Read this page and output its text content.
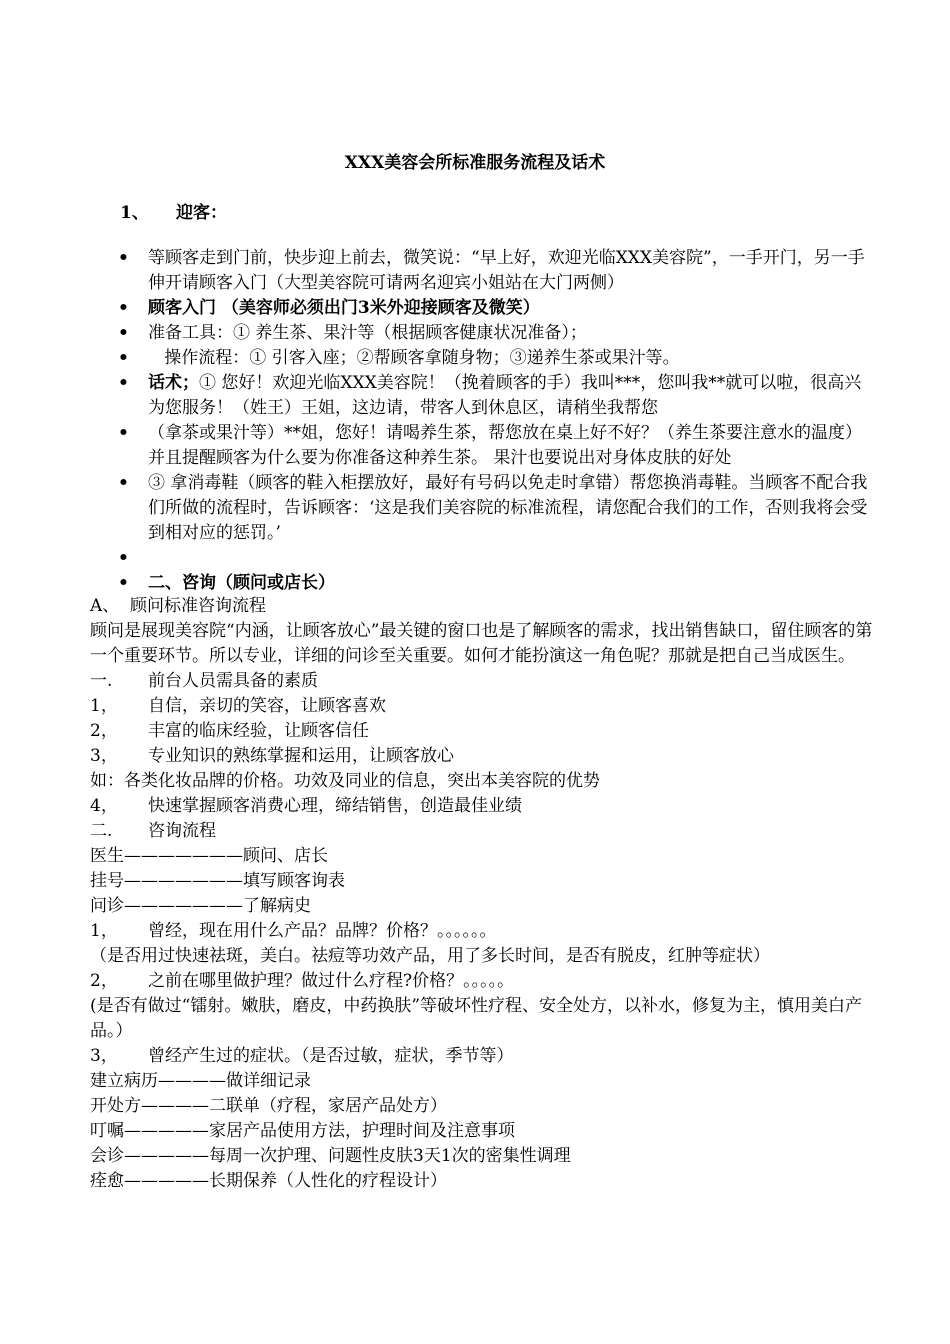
XXX美容会所标准服务流程及话术
1、 迎客：
• 等顾客走到门前，快步迎上前去，微笑说：“早上好，欢迎光临XXX美容院”，一手开门，另一手伸开请顾客入门（大型美容院可请两名迎宾小姐站在大门两侧）
• 顾客入门 （美容师必须出门3米外迎接顾客及微笑）
• 准备工具：① 养生茶、果汁等（根据顾客健康状况准备）；
• 操作流程：① 引客入座；②帮顾客拿随身物；③递养生茶或果汁等。
• 话术；① 您好！欢迎光临XXX美容院！（挽着顾客的手）我叫***，您叫我**就可以啦，很高兴为您服务！（姓王）王姐，这边请，带客人到休息区，请稍坐我帮您
• （拿茶或果汁等）**姐，您好！请喝养生茶，帮您放在桌上好不好？（养生茶要注意水的温度）并且提醒顾客为什么要为你准备这种养生茶。 果汁也要说出对身体皮肤的好处
• ③ 拿消毒鞋（顾客的鞋入柜摆放好，最好有号码以免走时拿错）帮您换消毒鞋。当顾客不配合我们所做的流程时，告诉顾客：‘这是我们美容院的标准流程，请您配合我们的工作，否则我将会受到相对应的惩罚。’
•
• 二、咨询（顾问或店长）
A、 顾问标准咨询流程
顾问是展现美容院“内涵，让顾客放心”最关键的窗口也是了解顾客的需求，找出销售缺口，留住顾客的第一个重要环节。所以专业，详细的问诊至关重要。如何才能扮演这一角色呢？那就是把自己当成医生。
一. 前台人员需具备的素质
1， 自信，亲切的笑容，让顾客喜欢
2， 丰富的临床经验，让顾客信任
3， 专业知识的熟练掌握和运用，让顾客放心
如：各类化妆品牌的价格。功效及同业的信息，突出本美容院的优势
4， 快速掌握顾客消费心理，缔结销售，创造最佳业绩
二. 咨询流程
医生———————顾问、店长
挂号———————填写顾客询表
问诊———————了解病史
1， 曾经，现在用什么产品？品牌？价格？。。。。。。
（是否用过快速祛斑，美白。祛痘等功效产品，用了多长时间，是否有脱皮，红肿等症状）
2， 之前在哪里做护理？做过什么疗程?价格？。。。。。
(是否有做过“镭射。嫩肤，磨皮，中药换肤”等破坏性疗程、安全处方，以补水，修复为主，慎用美白产品。）
3， 曾经产生过的症状。（是否过敏，症状，季节等）
建立病历————做详细记录
开处方————二联单（疗程，家居产品处方）
叮嘱—————家居产品使用方法，护理时间及注意事项
会诊—————每周一次护理、问题性皮肤3天1次的密集性调理
痊愈—————长期保养（人性化的疗程设计）
